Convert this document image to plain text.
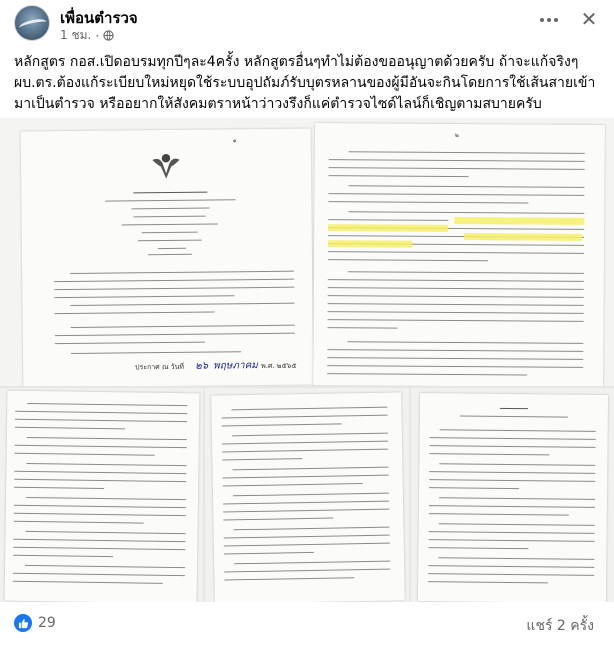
เพื่อนตำรวจ
1 ชม. ·
✕
หลักสูตร กอส.เปิดอบรมทุกปีๆละ4ครั้ง หลักสูตรอื่นๆทำไม่ต้องขออนุญาตด้วยครับ ถ้าจะแก้จริงๆ ผบ.ตร.ต้องแก้ระเบียบใหม่หยุดใช้ระบบอุปถัมภ์รับบุตรหลานของผู้มีอันจะกินโดยการใช้เส้นสายเข้ามาเป็นตำรวจ หรืออยากให้สังคมตราหน้าว่าวงรึงก็แค่ตำรวจไซด์ไลน์ก็เชิญตามสบายครับ
๑
ประกาศ ณ วันที่ ๒๖ พฤษภาคม พ.ศ. ๒๕๖๕
๒
29	แชร์ 2 ครั้ง
